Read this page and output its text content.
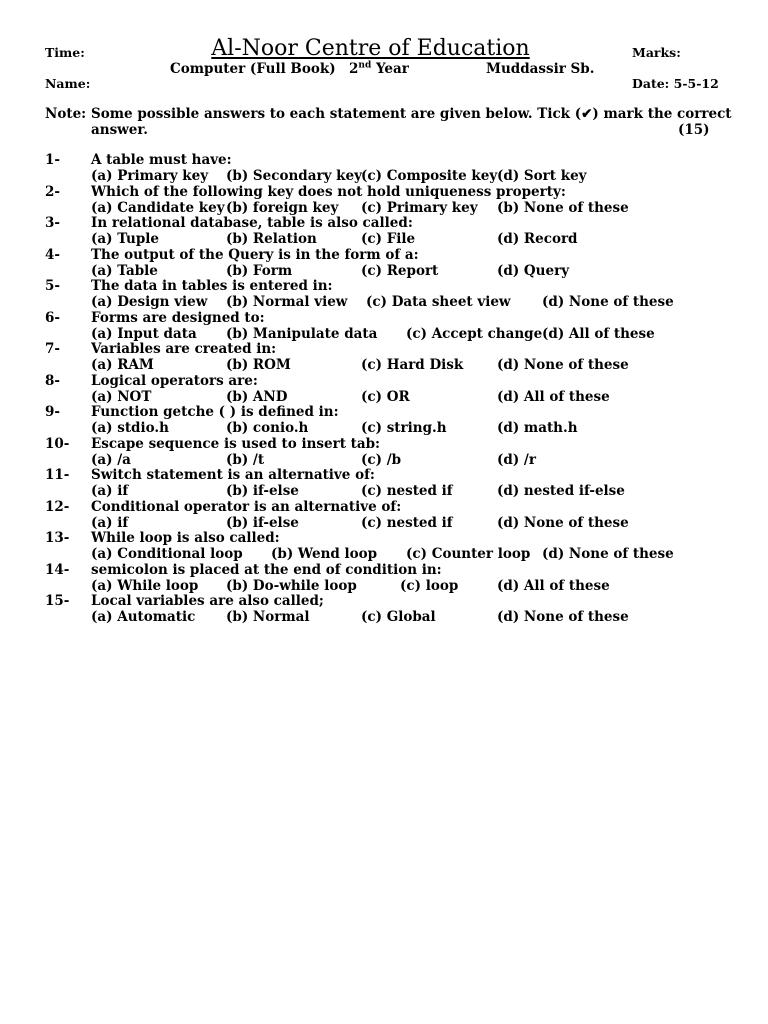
Time:	Al-Noor Centre of Education	Marks:
Computer (Full Book) 2nd Year	Muddassir Sb.
Name:	Date: 5-5-12
Note: Some possible answers to each statement are given below. Tick (✔) mark the correct
answer.	(15)
1- A table must have:
(a) Primary key (b) Secondary key (c) Composite key (d) Sort key
2- Which of the following key does not hold uniqueness property:
(a) Candidate key (b) foreign key (c) Primary key (b) None of these
3- In relational database, table is also called:
(a) Tuple	(b) Relation	(c) File	(d) Record
4- The output of the Query is in the form of a:
(a) Table	(b) Form	(c) Report	(d) Query
5- The data in tables is entered in:
(a) Design view (b) Normal view (c) Data sheet view (d) None of these
6- Forms are designed to:
(a) Input data (b) Manipulate data (c) Accept change (d) All of these
7- Variables are created in:
(a) RAM	(b) ROM	(c) Hard Disk	(d) None of these
8- Logical operators are:
(a) NOT	(b) AND	(c) OR	(d) All of these
9- Function getche ( ) is defined in:
(a) stdio.h	(b) conio.h	(c) string.h	(d) math.h
10- Escape sequence is used to insert tab:
(a) /a	(b) /t	(c) /b	(d) /r
11- Switch statement is an alternative of:
(a) if	(b) if-else	(c) nested if	(d) nested if-else
12- Conditional operator is an alternative of:
(a) if	(b) if-else	(c) nested if	(d) None of these
13- While loop is also called:
(a) Conditional loop (b) Wend loop (c) Counter loop (d) None of these
14- semicolon is placed at the end of condition in:
(a) While loop (b) Do-while loop	(c) loop	(d) All of these
15- Local variables are also called;
(a) Automatic (b) Normal	(c) Global	(d) None of these
